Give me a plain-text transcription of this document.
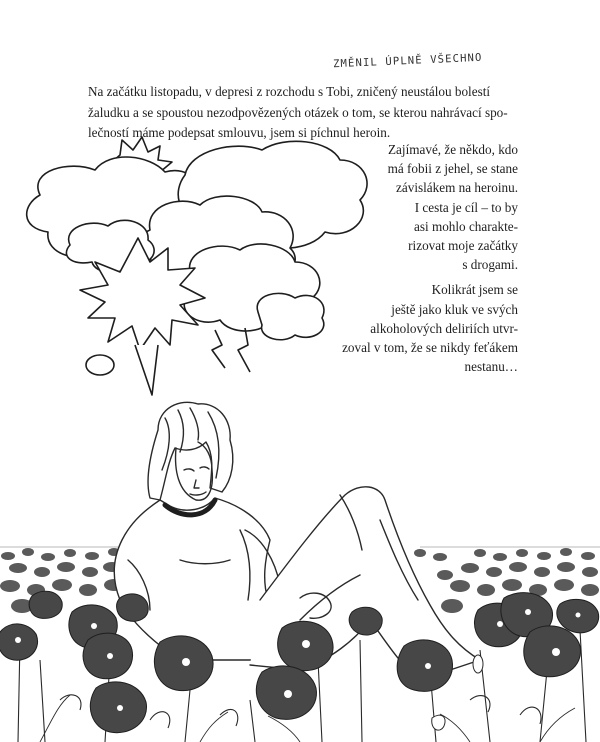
ZMĚNIL ÚPLNĚ VŠECHNO
Na začátku listopadu, v depresi z rozchodu s Tobi, zničený neustálou bolestí
žaludku a se spoustou nezodpovězených otázek o tom, se kterou nahrávací spo-
lečností máme podepsat smlouvu, jsem si píchnul heroin.

Zajímavé, že někdo, kdo
má fobii z jehel, se stane
závislákem na heroinu.
I cesta je cíl – to by
asi mohlo charakte-
rizovat moje začátky
s drogami.

Kolikrát jsem se
ještě jako kluk ve svých
alkoholových deliriích utvr-
zoval v tom, že se nikdy feťákem
nestanu…
